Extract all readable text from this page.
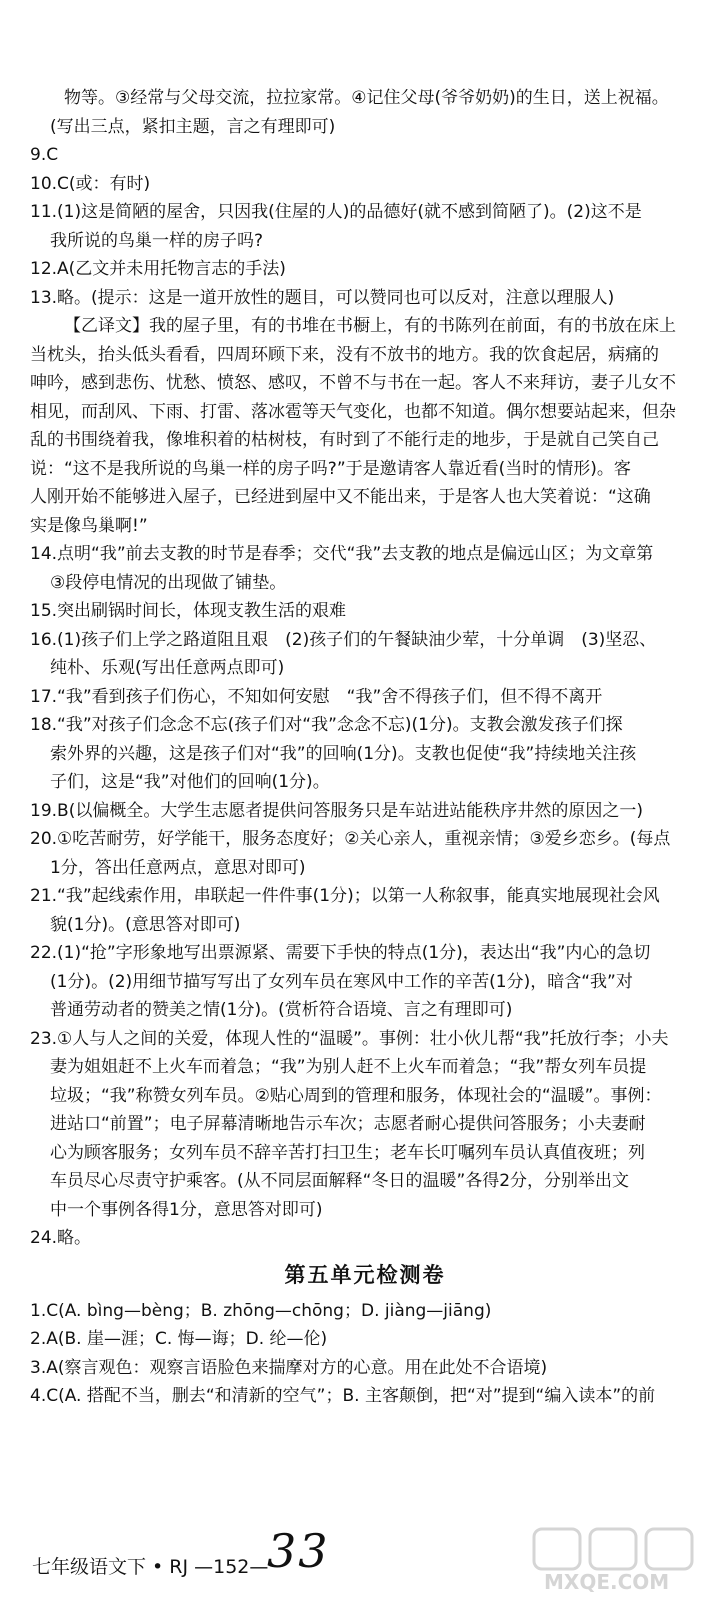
物等。③经常与父母交流，拉拉家常。④记住父母(爷爷奶奶)的生日，送上祝福。
(写出三点，紧扣主题，言之有理即可)
9.C
10.C(或：有时)
11.(1)这是简陋的屋舍，只因我(住屋的人)的品德好(就不感到简陋了)。(2)这不是
我所说的鸟巢一样的房子吗?
12.A(乙文并未用托物言志的手法)
13.略。(提示：这是一道开放性的题目，可以赞同也可以反对，注意以理服人)
【乙译文】我的屋子里，有的书堆在书橱上，有的书陈列在前面，有的书放在床上
当枕头，抬头低头看看，四周环顾下来，没有不放书的地方。我的饮食起居，病痛的
呻吟，感到悲伤、忧愁、愤怒、感叹，不曾不与书在一起。客人不来拜访，妻子儿女不
相见，而刮风、下雨、打雷、落冰雹等天气变化，也都不知道。偶尔想要站起来，但杂
乱的书围绕着我，像堆积着的枯树枝，有时到了不能行走的地步，于是就自己笑自己
说：“这不是我所说的鸟巢一样的房子吗?”于是邀请客人靠近看(当时的情形)。客
人刚开始不能够进入屋子，已经进到屋中又不能出来，于是客人也大笑着说：“这确
实是像鸟巢啊!”
14.点明“我”前去支教的时节是春季；交代“我”去支教的地点是偏远山区；为文章第
③段停电情况的出现做了铺垫。
15.突出刷锅时间长，体现支教生活的艰难
16.(1)孩子们上学之路道阻且艰　(2)孩子们的午餐缺油少荤，十分单调　(3)坚忍、
纯朴、乐观(写出任意两点即可)
17.“我”看到孩子们伤心，不知如何安慰　“我”舍不得孩子们，但不得不离开
18.“我”对孩子们念念不忘(孩子们对“我”念念不忘)(1分)。支教会激发孩子们探
索外界的兴趣，这是孩子们对“我”的回响(1分)。支教也促使“我”持续地关注孩
子们，这是“我”对他们的回响(1分)。
19.B(以偏概全。大学生志愿者提供问答服务只是车站进站能秩序井然的原因之一)
20.①吃苦耐劳，好学能干，服务态度好；②关心亲人，重视亲情；③爱乡恋乡。(每点
1分，答出任意两点，意思对即可)
21.“我”起线索作用，串联起一件件事(1分)；以第一人称叙事，能真实地展现社会风
貌(1分)。(意思答对即可)
22.(1)“抢”字形象地写出票源紧、需要下手快的特点(1分)，表达出“我”内心的急切
(1分)。(2)用细节描写写出了女列车员在寒风中工作的辛苦(1分)，暗含“我”对
普通劳动者的赞美之情(1分)。(赏析符合语境、言之有理即可)
23.①人与人之间的关爱，体现人性的“温暖”。事例：壮小伙儿帮“我”托放行李；小夫
妻为姐姐赶不上火车而着急；“我”为别人赶不上火车而着急；“我”帮女列车员提
垃圾；“我”称赞女列车员。②贴心周到的管理和服务，体现社会的“温暖”。事例：
进站口“前置”；电子屏幕清晰地告示车次；志愿者耐心提供问答服务；小夫妻耐
心为顾客服务；女列车员不辞辛苦打扫卫生；老车长叮嘱列车员认真值夜班；列
车员尽心尽责守护乘客。(从不同层面解释“冬日的温暖”各得2分，分别举出文
中一个事例各得1分，意思答对即可)
24.略。
第五单元检测卷
1.C(A. bìng—bèng；B. zhōng—chōng；D. jiàng—jiāng)
2.A(B. 崖—涯；C. 悔—诲；D. 纶—伦)
3.A(察言观色：观察言语脸色来揣摩对方的心意。用在此处不合语境)
4.C(A. 搭配不当，删去“和清新的空气”；B. 主客颠倒，把“对”提到“编入读本”的前
七年级语文下 • RJ —152—
33
MXQE.COM
